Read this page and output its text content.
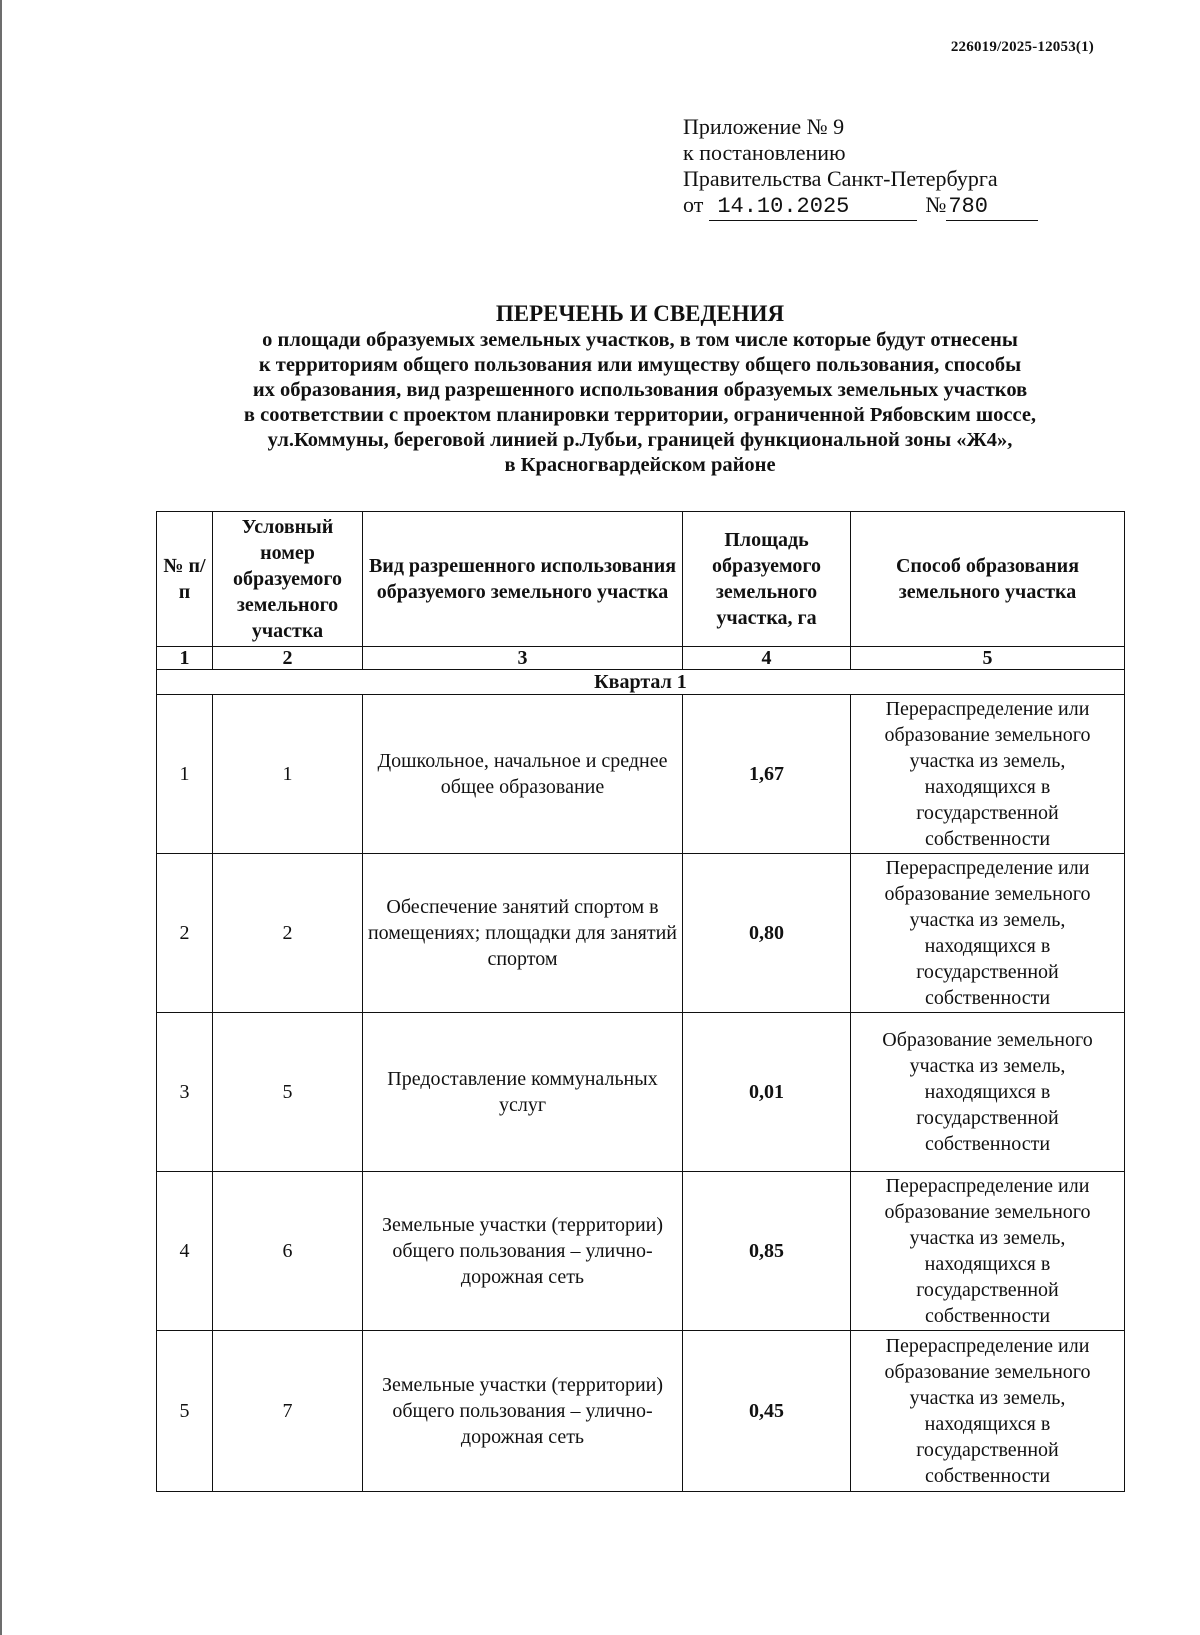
226019/2025-12053(1)
Приложение № 9
к постановлению
Правительства Санкт-Петербурга
от 14.10.2025	№780
ПЕРЕЧЕНЬ И СВЕДЕНИЯ
о площади образуемых земельных участков, в том числе которые будут отнесены
к территориям общего пользования или имуществу общего пользования, способы
их образования, вид разрешенного использования образуемых земельных участков
в соответствии с проектом планировки территории, ограниченной Рябовским шоссе,
ул.Коммуны, береговой линией р.Лубьи, границей функциональной зоны «Ж4»,
в Красногвардейском районе
№ п/п	Условный номер образуемого земельного участка	Вид разрешенного использования образуемого земельного участка	Площадь образуемого земельного участка, га	Способ образования земельного участка
1	2	3	4	5
Квартал 1				
1	1	Дошкольное, начальное и среднее общее образование	1,67	Перераспределение или образование земельного участка из земель, находящихся в государственной собственности
2	2	Обеспечение занятий спортом в помещениях; площадки для занятий спортом	0,80	Перераспределение или образование земельного участка из земель, находящихся в государственной собственности
3	5	Предоставление коммунальных услуг	0,01	Образование земельного участка из земель, находящихся в государственной собственности
4	6	Земельные участки (территории) общего пользования – улично-дорожная сеть	0,85	Перераспределение или образование земельного участка из земель, находящихся в государственной собственности
5	7	Земельные участки (территории) общего пользования – улично-дорожная сеть	0,45	Перераспределение или образование земельного участка из земель, находящихся в государственной собственности
